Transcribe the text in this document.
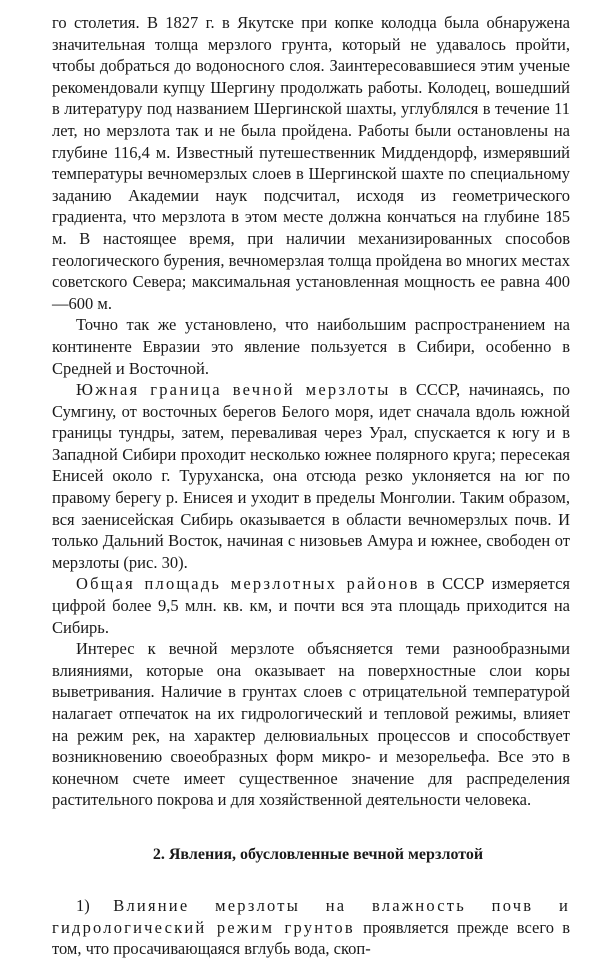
го столетия. В 1827 г. в Якутске при копке колодца была обнаружена значительная толща мерзлого грунта, который не удавалось пройти, чтобы добраться до водоносного слоя. Заинтересовавшиеся этим ученые рекомендовали купцу Шергину продолжать работы. Колодец, вошедший в литературу под названием Шергинской шахты, углублялся в течение 11 лет, но мерзлота так и не была пройдена. Работы были остановлены на глубине 116,4 м. Известный путешественник Миддендорф, измерявший температуры вечномерзлых слоев в Шергинской шахте по специальному заданию Академии наук подсчитал, исходя из геометрического градиента, что мерзлота в этом месте должна кончаться на глубине 185 м. В настоящее время, при наличии механизированных способов геологического бурения, вечномерзлая толща пройдена во многих местах советского Севера; максимальная установленная мощность ее равна 400—600 м.

Точно так же установлено, что наибольшим распространением на континенте Евразии это явление пользуется в Сибири, особенно в Средней и Восточной.

Южная граница вечной мерзлоты в СССР, начинаясь, по Сумгину, от восточных берегов Белого моря, идет сначала вдоль южной границы тундры, затем, переваливая через Урал, спускается к югу и в Западной Сибири проходит несколько южнее полярного круга; пересекая Енисей около г. Туруханска, она отсюда резко уклоняется на юг по правому берегу р. Енисея и уходит в пределы Монголии. Таким образом, вся заенисейская Сибирь оказывается в области вечномерзлых почв. И только Дальний Восток, начиная с низовьев Амура и южнее, свободен от мерзлоты (рис. 30).

Общая площадь мерзлотных районов в СССР измеряется цифрой более 9,5 млн. кв. км, и почти вся эта площадь приходится на Сибирь.

Интерес к вечной мерзлоте объясняется теми разнообразными влияниями, которые она оказывает на поверхностные слои коры выветривания. Наличие в грунтах слоев с отрицательной температурой налагает отпечаток на их гидрологический и тепловой режимы, влияет на режим рек, на характер делювиальных процессов и способствует возникновению своеобразных форм микро- и мезорельефа. Все это в конечном счете имеет существенное значение для распределения растительного покрова и для хозяйственной деятельности человека.

2. Явления, обусловленные вечной мерзлотой

1) Влияние мерзлоты на влажность почв и гидрологический режим грунтов проявляется прежде всего в том, что просачивающаяся вглубь вода, скоп-
